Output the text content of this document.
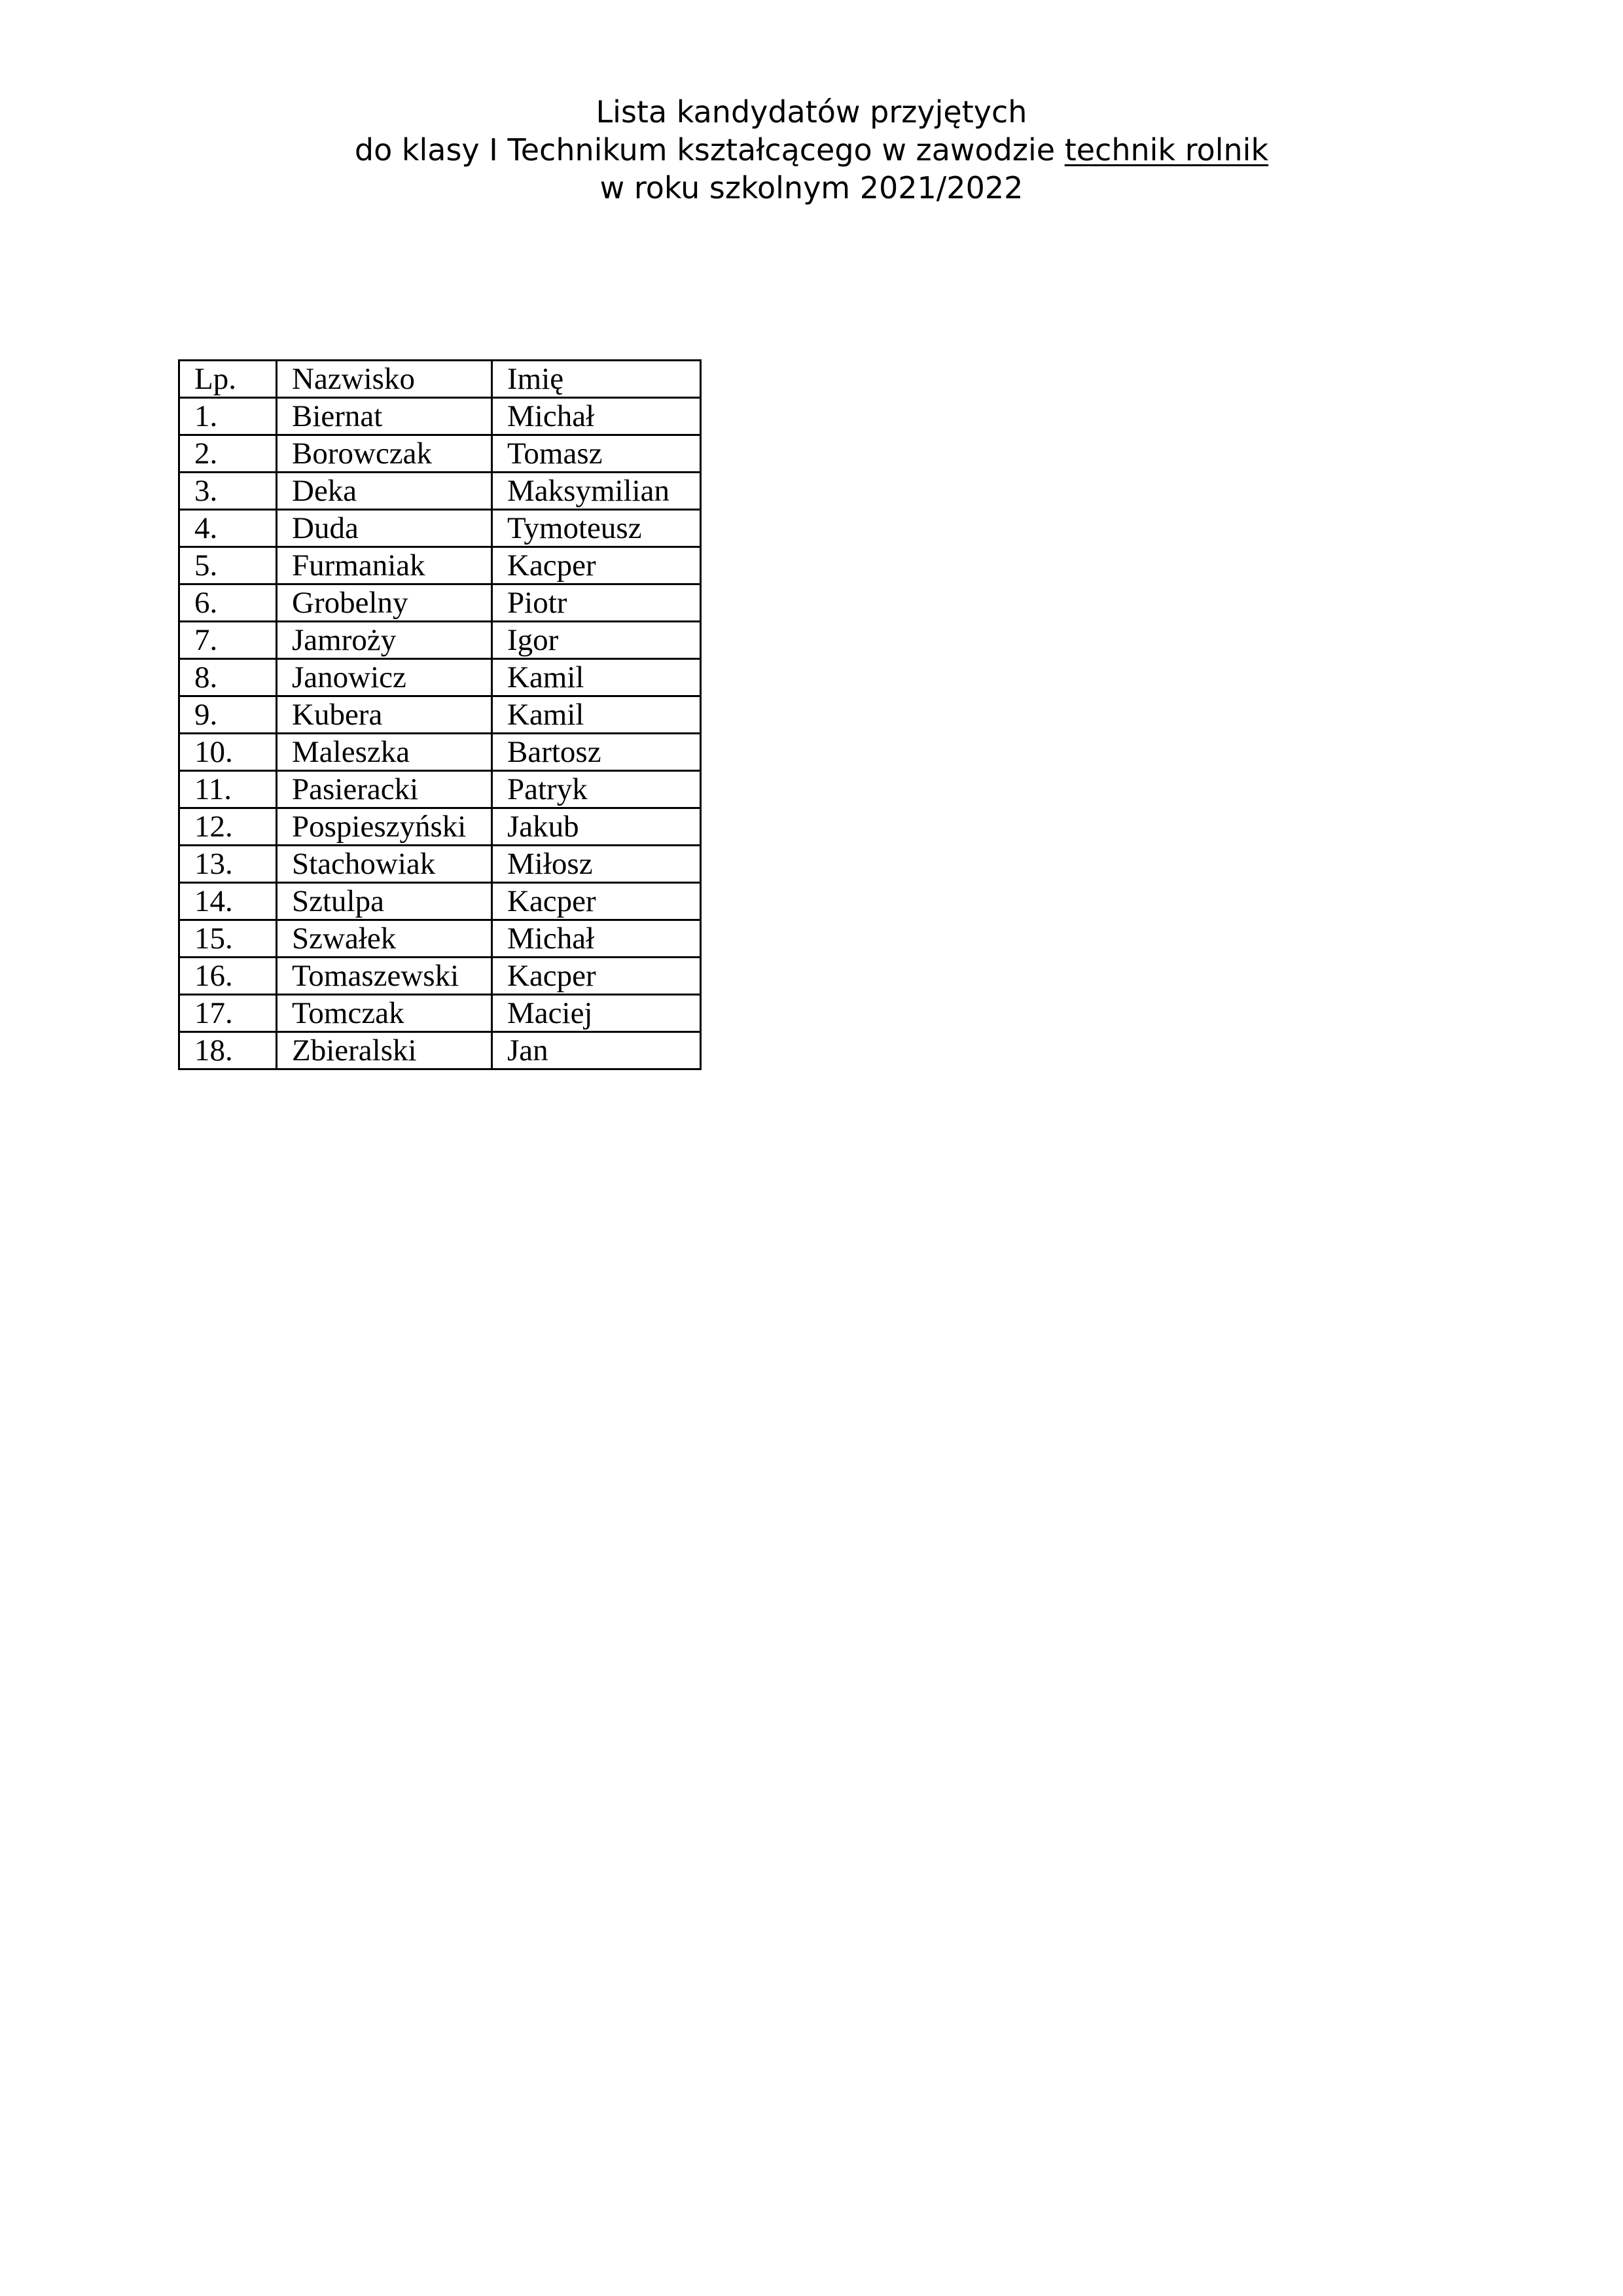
Lista kandydatów przyjętych
do klasy I Technikum kształcącego w zawodzie technik rolnik
w roku szkolnym 2021/2022
Lp.	Nazwisko	Imię
1.	Biernat	Michał
2.	Borowczak	Tomasz
3.	Deka	Maksymilian
4.	Duda	Tymoteusz
5.	Furmaniak	Kacper
6.	Grobelny	Piotr
7.	Jamroży	Igor
8.	Janowicz	Kamil
9.	Kubera	Kamil
10.	Maleszka	Bartosz
11.	Pasieracki	Patryk
12.	Pospieszyński	Jakub
13.	Stachowiak	Miłosz
14.	Sztulpa	Kacper
15.	Szwałek	Michał
16.	Tomaszewski	Kacper
17.	Tomczak	Maciej
18.	Zbieralski	Jan
